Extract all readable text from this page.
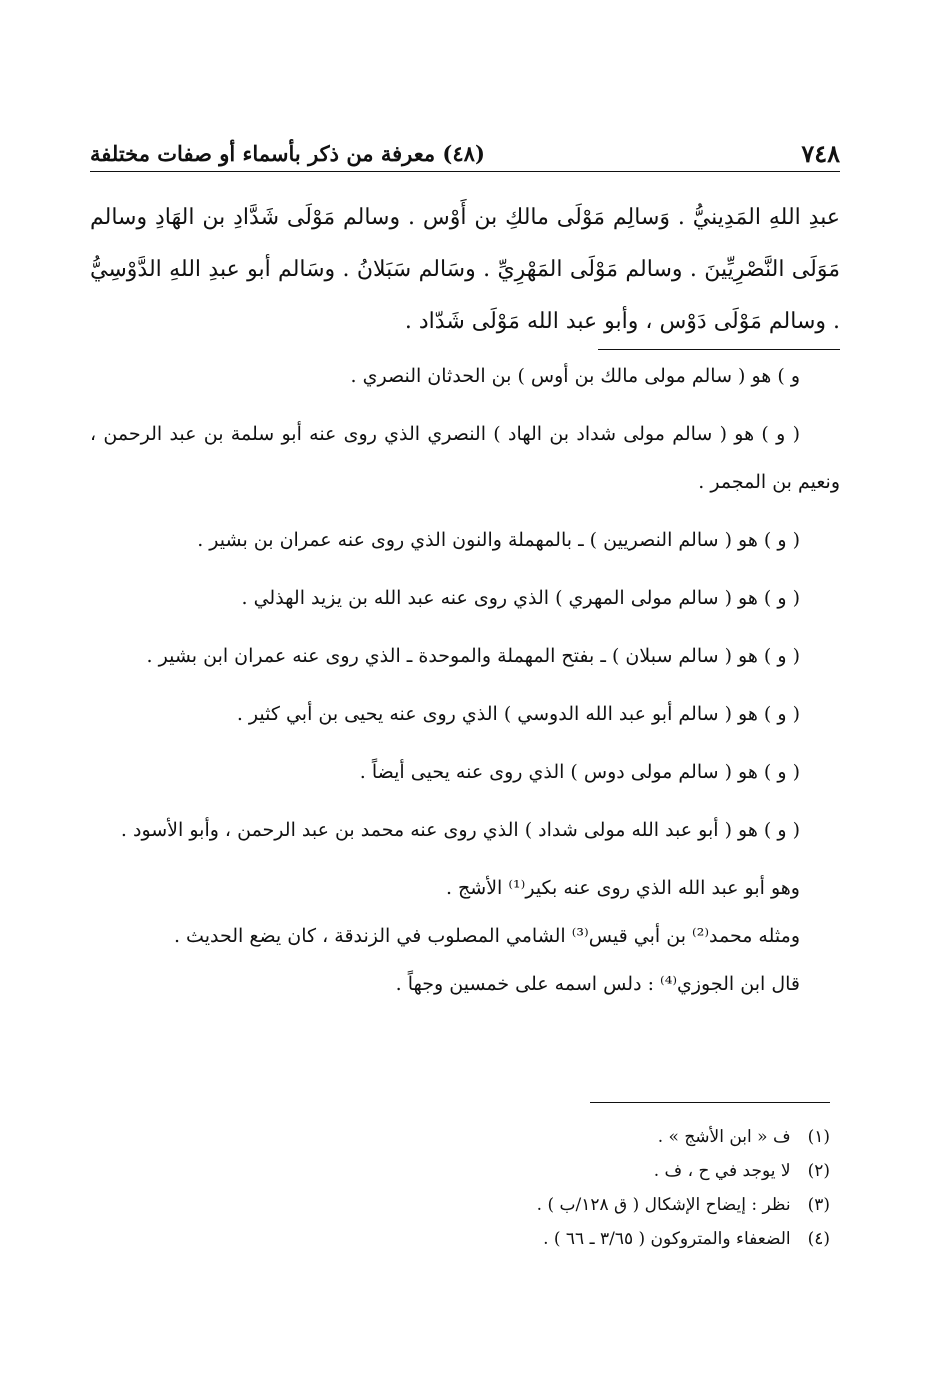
٧٤٨
(٤٨) معرفة من ذكر بأسماء أو صفات مختلفة

عبدِ اللهِ المَدِينيُّ . وَسالِم مَوْلَى مالكِ بن أَوْس . وسالم مَوْلَى شَدَّادِ بن الهَادِ وسالم مَوَلَى النَّصْرِيِّينَ . وسالم مَوْلَى المَهْرِيِّ . وسَالم سَبَلانُ . وسَالم أبو عبدِ اللهِ الدَّوْسِيُّ . وسالم مَوْلَى دَوْس ، وأبو عبد الله مَوْلَى شَدّاد .

و ) هو ( سالم مولى مالك بن أوس ) بن الحدثان النصري .

( و ) هو ( سالم مولى شداد بن الهاد ) النصري الذي روى عنه أبو سلمة بن عبد الرحمن ، ونعيم بن المجمر .

( و ) هو ( سالم النصريين ) ـ بالمهملة والنون الذي روى عنه عمران بن بشير .

( و ) هو ( سالم مولى المهري ) الذي روى عنه عبد الله بن يزيد الهذلي .

( و ) هو ( سالم سبلان ) ـ بفتح المهملة والموحدة ـ الذي روى عنه عمران ابن بشير .

( و ) هو ( سالم أبو عبد الله الدوسي ) الذي روى عنه يحيى بن أبي كثير .

( و ) هو ( سالم مولى دوس ) الذي روى عنه يحيى أيضاً .

( و ) هو ( أبو عبد الله مولى شداد ) الذي روى عنه محمد بن عبد الرحمن ، وأبو الأسود .

وهو أبو عبد الله الذي روى عنه بكير⁽¹⁾ الأشج .

ومثله محمد⁽²⁾ بن أبي قيس⁽³⁾ الشامي المصلوب في الزندقة ، كان يضع الحديث .

قال ابن الجوزي⁽⁴⁾ : دلس اسمه على خمسين وجهاً .

(١) ف « ابن الأشج » .
(٢) لا يوجد في ح ، ف .
(٣) نظر : إيضاح الإشكال ( ق ١٢٨/ب ) .
(٤) الضعفاء والمتروكون ( ٣/٦٥ ـ ٦٦ ) .
